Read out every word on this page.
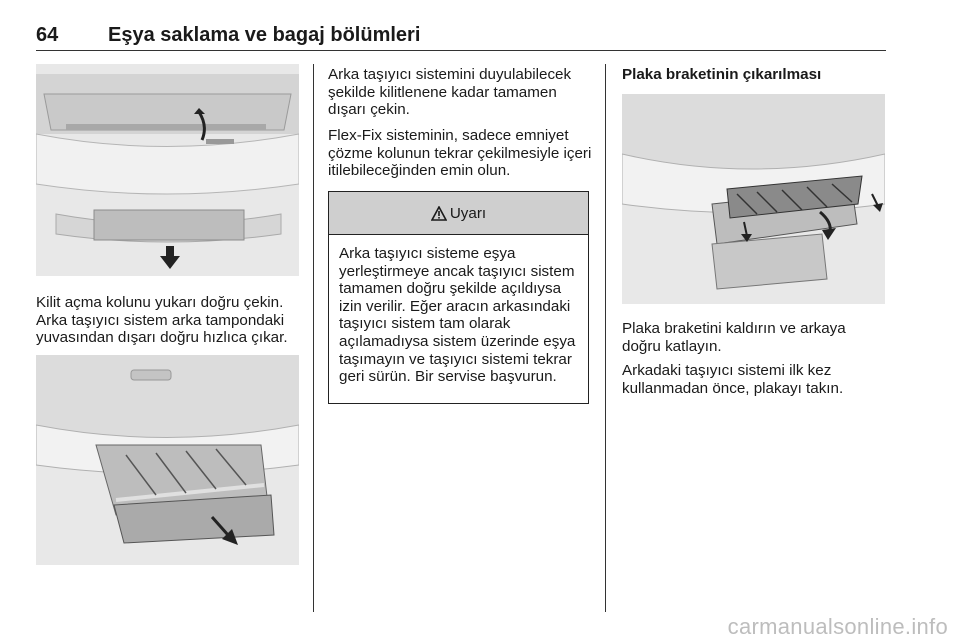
64 Eşya saklama ve bagaj bölümleri

Kilit açma kolunu yukarı doğru çekin. Arka taşıyıcı sistem arka tampondaki yuvasından dışarı doğru hızlıca çıkar.

Arka taşıyıcı sistemini duyulabilecek şekilde kilitlenene kadar tamamen dışarı çekin.

Flex-Fix sisteminin, sadece emniyet çözme kolunun tekrar çekilmesiyle içeri itilebileceğinden emin olun.

Uyarı

Arka taşıyıcı sisteme eşya yerleştirmeye ancak taşıyıcı sistem tamamen doğru şekilde açıldıysa izin verilir. Eğer aracın arkasındaki taşıyıcı sistem tam olarak açılamadıysa sistem üzerinde eşya taşımayın ve taşıyıcı sistemi tekrar geri sürün. Bir servise başvurun.

Plaka braketinin çıkarılması

Plaka braketini kaldırın ve arkaya doğru katlayın.

Arkadaki taşıyıcı sistemi ilk kez kullanmadan önce, plakayı takın.

carmanualsonline.info
